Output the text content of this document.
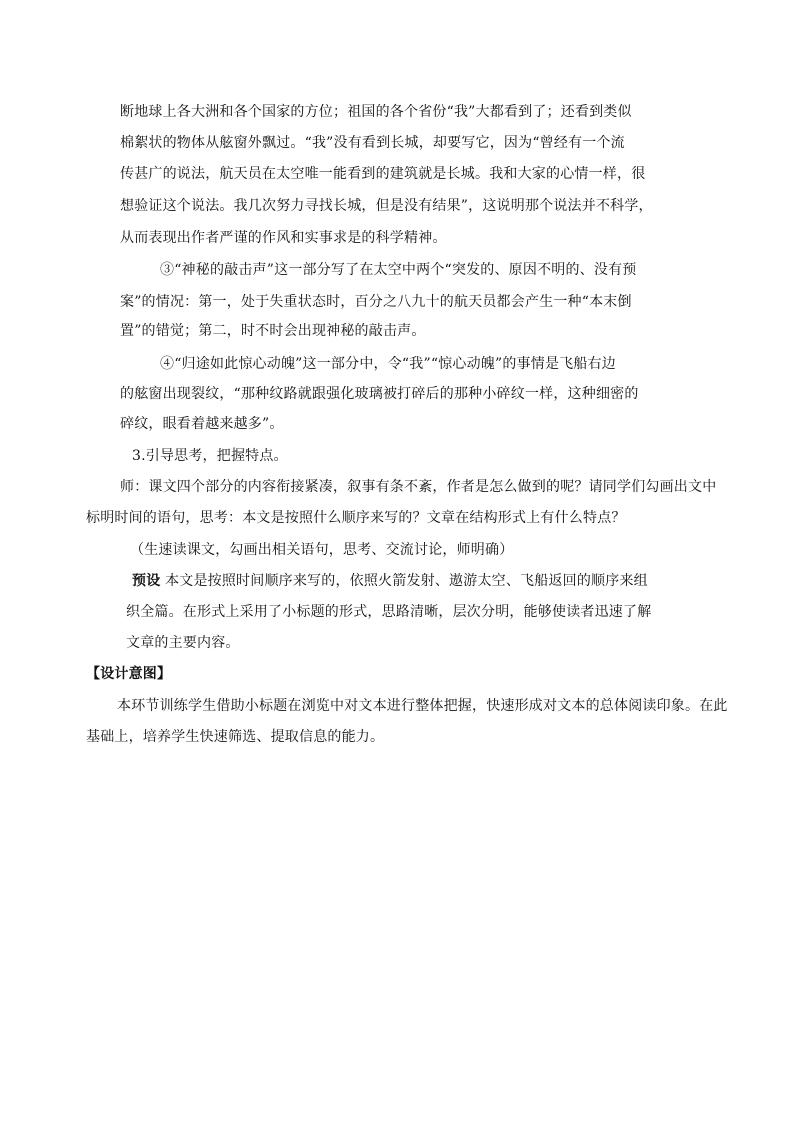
断地球上各大洲和各个国家的方位；祖国的各个省份“我”大都看到了；还看到类似
棉絮状的物体从舷窗外飘过。“我”没有看到长城，却要写它，因为“曾经有一个流
传甚广的说法，航天员在太空唯一能看到的建筑就是长城。我和大家的心情一样，很
想验证这个说法。我几次努力寻找长城，但是没有结果”，这说明那个说法并不科学，
从而表现出作者严谨的作风和实事求是的科学精神。
③“神秘的敲击声”这一部分写了在太空中两个“突发的、原因不明的、没有预
案”的情况：第一，处于失重状态时，百分之八九十的航天员都会产生一种“本末倒
置”的错觉；第二，时不时会出现神秘的敲击声。
④“归途如此惊心动魄”这一部分中，令“我”“惊心动魄”的事情是飞船右边
的舷窗出现裂纹，“那种纹路就跟强化玻璃被打碎后的那种小碎纹一样，这种细密的
碎纹，眼看着越来越多”。
3.引导思考，把握特点。
师：课文四个部分的内容衔接紧凑，叙事有条不紊，作者是怎么做到的呢？请同学们勾画出文中
标明时间的语句，思考：本文是按照什么顺序来写的？文章在结构形式上有什么特点？
（生速读课文，勾画出相关语句，思考、交流讨论，师明确）
预设 本文是按照时间顺序来写的，依照火箭发射、遨游太空、飞船返回的顺序来组
织全篇。在形式上采用了小标题的形式，思路清晰，层次分明，能够使读者迅速了解
文章的主要内容。
【设计意图】
本环节训练学生借助小标题在浏览中对文本进行整体把握，快速形成对文本的总体阅读印象。在此
基础上，培养学生快速筛选、提取信息的能力。
